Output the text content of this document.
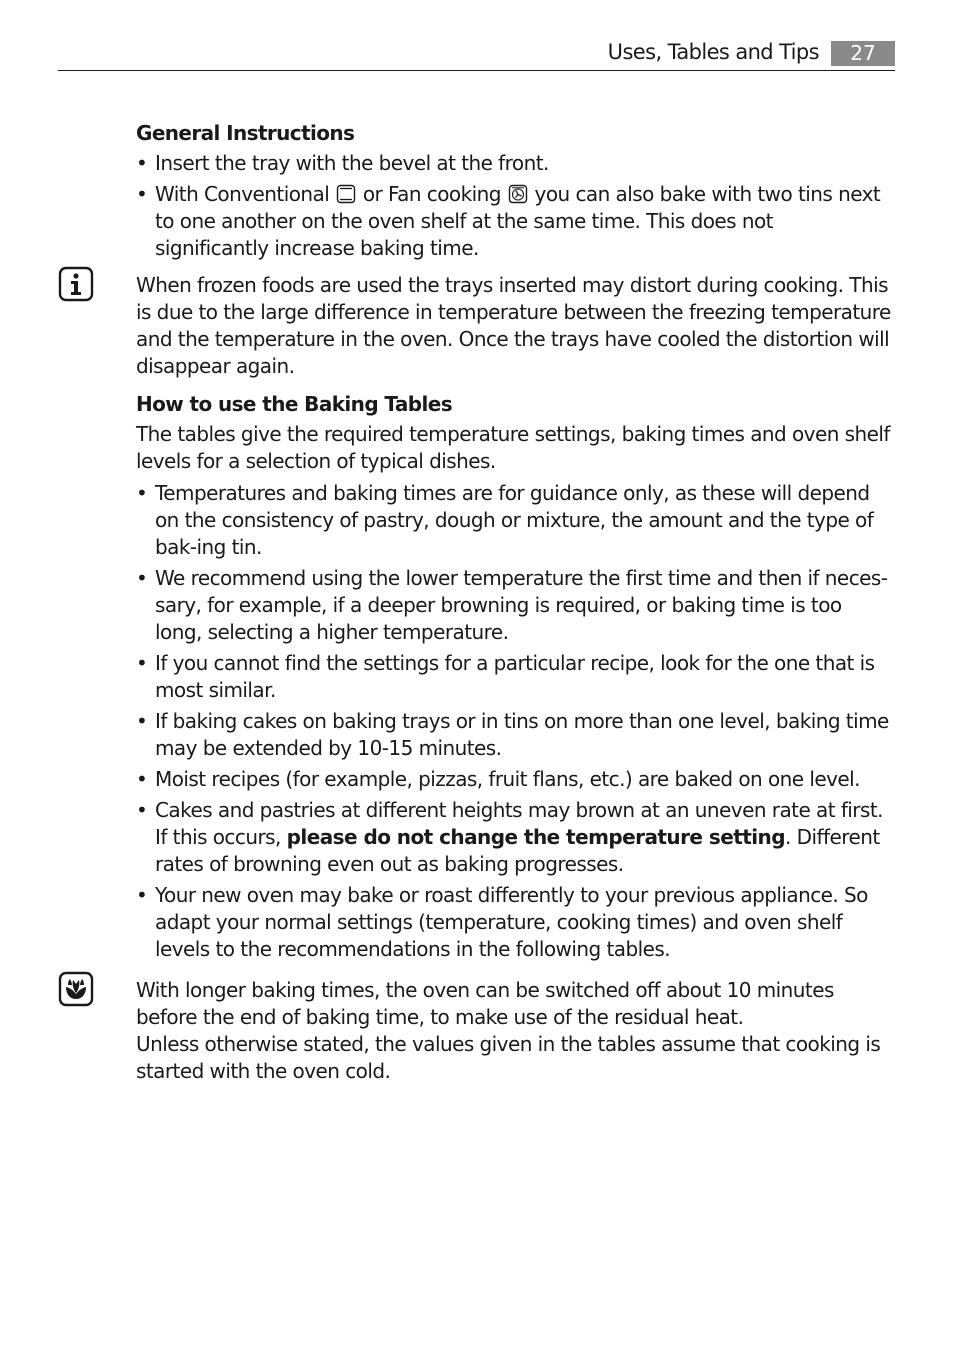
Uses, Tables and Tips	27
General Instructions
• Insert the tray with the bevel at the front.
• With Conventional or Fan cooking you can also bake with two tins next to one another on the oven shelf at the same time. This does not significantly increase baking time.

When frozen foods are used the trays inserted may distort during cooking. This is due to the large difference in temperature between the freezing temperature and the temperature in the oven. Once the trays have cooled the distortion will disappear again.

How to use the Baking Tables

The tables give the required temperature settings, baking times and oven shelf levels for a selection of typical dishes.

• Temperatures and baking times are for guidance only, as these will depend on the consistency of pastry, dough or mixture, the amount and the type of bak-ing tin.
• We recommend using the lower temperature the first time and then if neces-sary, for example, if a deeper browning is required, or baking time is too long, selecting a higher temperature.
• If you cannot find the settings for a particular recipe, look for the one that is most similar.
• If baking cakes on baking trays or in tins on more than one level, baking time may be extended by 10-15 minutes.
• Moist recipes (for example, pizzas, fruit flans, etc.) are baked on one level.
• Cakes and pastries at different heights may brown at an uneven rate at first. If this occurs, please do not change the temperature setting. Different rates of browning even out as baking progresses.
• Your new oven may bake or roast differently to your previous appliance. So adapt your normal settings (temperature, cooking times) and oven shelf levels to the recommendations in the following tables.

With longer baking times, the oven can be switched off about 10 minutes before the end of baking time, to make use of the residual heat.

Unless otherwise stated, the values given in the tables assume that cooking is started with the oven cold.
